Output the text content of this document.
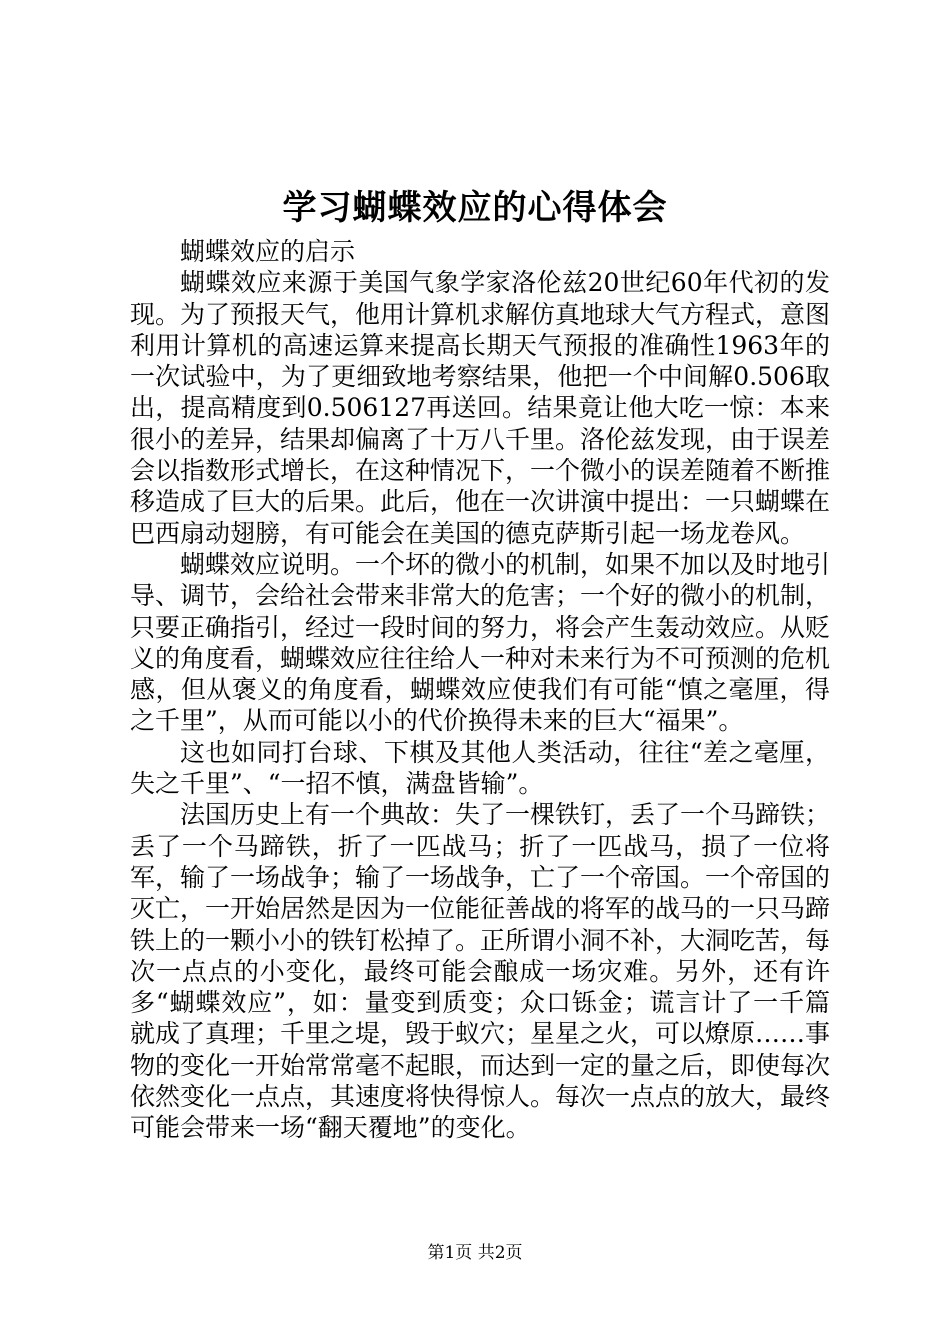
学习蝴蝶效应的心得体会

蝴蝶效应的启示

蝴蝶效应来源于美国气象学家洛伦兹20世纪60年代初的发现。为了预报天气，他用计算机求解仿真地球大气方程式，意图利用计算机的高速运算来提高长期天气预报的准确性1963年的一次试验中，为了更细致地考察结果，他把一个中间解0.506取出，提高精度到0.506127再送回。结果竟让他大吃一惊：本来很小的差异，结果却偏离了十万八千里。洛伦兹发现，由于误差会以指数形式增长，在这种情况下，一个微小的误差随着不断推移造成了巨大的后果。此后，他在一次讲演中提出：一只蝴蝶在巴西扇动翅膀，有可能会在美国的德克萨斯引起一场龙卷风。

蝴蝶效应说明。一个坏的微小的机制，如果不加以及时地引导、调节，会给社会带来非常大的危害；一个好的微小的机制，只要正确指引，经过一段时间的努力，将会产生轰动效应。从贬义的角度看，蝴蝶效应往往给人一种对未来行为不可预测的危机感，但从褒义的角度看，蝴蝶效应使我们有可能“慎之毫厘，得之千里”，从而可能以小的代价换得未来的巨大“福果”。

这也如同打台球、下棋及其他人类活动，往往“差之毫厘，失之千里”、“一招不慎，满盘皆输”。

法国历史上有一个典故：失了一棵铁钉，丢了一个马蹄铁；丢了一个马蹄铁，折了一匹战马；折了一匹战马，损了一位将军，输了一场战争；输了一场战争，亡了一个帝国。一个帝国的灭亡，一开始居然是因为一位能征善战的将军的战马的一只马蹄铁上的一颗小小的铁钉松掉了。正所谓小洞不补，大洞吃苦，每次一点点的小变化，最终可能会酿成一场灾难。另外，还有许多“蝴蝶效应”，如：量变到质变；众口铄金；谎言计了一千篇就成了真理；千里之堤，毁于蚁穴；星星之火，可以燎原……事物的变化一开始常常毫不起眼，而达到一定的量之后，即使每次依然变化一点点，其速度将快得惊人。每次一点点的放大，最终可能会带来一场“翻天覆地”的变化。

第1页 共2页
